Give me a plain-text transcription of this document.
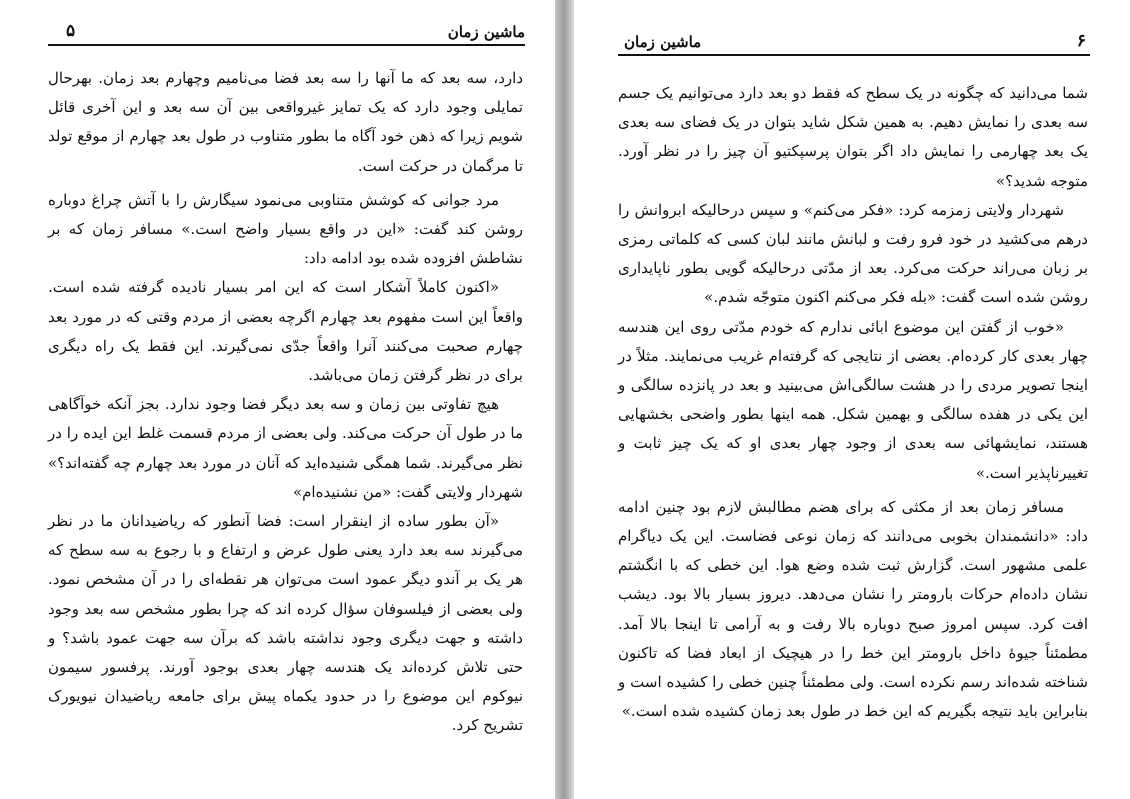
۵	ماشین زمان

دارد، سه بعد که ما آنها را سه بعد فضا می‌نامیم وچهارم بعد زمان. بهرحال تمایلی وجود دارد که یک تمایز غیرواقعی بین آن سه بعد و این آخری قائل شویم زیرا که ذهن خود آگاه ما بطور متناوب در طول بعد چهارم از موقع تولد تا مرگمان در حرکت است.

مرد جوانی که کوشش متناوبی می‌نمود سیگارش را با آتش چراغ دوباره روشن کند گفت: «این در واقع بسیار واضح است.» مسافر زمان که بر نشاطش افزوده شده بود ادامه داد:

«اکنون کاملاً آشکار است که این امر بسیار نادیده گرفته شده است. واقعاً این است مفهوم بعد چهارم اگرچه بعضی از مردم وقتی که در مورد بعد چهارم صحبت می‌کنند آنرا واقعاً جدّی نمی‌گیرند. این فقط یک راه دیگری برای در نظر گرفتن زمان می‌باشد.

هیچ تفاوتی بین زمان و سه بعد دیگر فضا وجود ندارد. بجز آنکه خوآگاهی ما در طول آن حرکت می‌کند. ولی بعضی از مردم قسمت غلط این ایده را در نظر می‌گیرند. شما همگی شنیده‌اید که آنان در مورد بعد چهارم چه گفته‌اند؟» شهردار ولایتی گفت: «من نشنیده‌ام»

«آن بطور ساده از اینقرار است: فضا آنطور که ریاضیدانان ما در نظر می‌گیرند سه بعد دارد یعنی طول عرض و ارتفاع و با رجوع به سه سطح که هر یک بر آندو دیگر عمود است می‌توان هر نقطه‌ای را در آن مشخص نمود. ولی بعضی از فیلسوفان سؤال کرده اند که چرا بطور مشخص سه بعد وجود داشته و جهت دیگری وجود نداشته باشد که برآن سه جهت عمود باشد؟ و حتی تلاش کرده‌اند یک هندسه چهار بعدی بوجود آورند. پرفسور سیمون نیوکوم این موضوع را در حدود یکماه پیش برای جامعه ریاضیدان نیویورک تشریح کرد.

ماشین زمان	۶

شما می‌دانید که چگونه در یک سطح که فقط دو بعد دارد می‌توانیم یک جسم سه بعدی را نمایش دهیم. به همین شکل شاید بتوان در یک فضای سه بعدی یک بعد چهارمی را نمایش داد اگر بتوان پرسپکتیو آن چیز را در نظر آورد. متوجه شدید؟»

شهردار ولایتی زمزمه کرد: «فکر می‌کنم» و سپس درحالیکه ابروانش را درهم می‌کشید در خود فرو رفت و لبانش مانند لبان کسی که کلماتی رمزی بر زبان می‌راند حرکت می‌کرد. بعد از مدّتی درحالیکه گویی بطور ناپایداری روشن شده است گفت: «بله فکر می‌کنم اکنون متوجّه شدم.»

«خوب از گفتن این موضوع ابائی ندارم که خودم مدّتی روی این هندسه چهار بعدی کار کرده‌ام. بعضی از نتایجی که گرفته‌ام غریب می‌نمایند. مثلاً در اینجا تصویر مردی را در هشت سالگی‌اش می‌بینید و بعد در پانزده سالگی و این یکی در هفده سالگی و بهمین شکل. همه اینها بطور واضحی بخشهایی هستند، نمایشهائی سه بعدی از وجود چهار بعدی او که یک چیز ثابت و تغییرناپذیر است.»

مسافر زمان بعد از مکثی که برای هضم مطالبش لازم بود چنین ادامه داد: «دانشمندان بخوبی می‌دانند که زمان نوعی فضاست. این یک دیاگرام علمی مشهور است. گزارش ثبت شده وضع هوا. این خطی که با انگشتم نشان داده‌ام حرکات بارومتر را نشان می‌دهد. دیروز بسیار بالا بود. دیشب افت کرد. سپس امروز صبح دوباره بالا رفت و به آرامی تا اینجا بالا آمد. مطمئناً جیوهٔ داخل بارومتر این خط را در هیچیک از ابعاد فضا که تاکنون شناخته شده‌اند رسم نکرده است. ولی مطمئناً چنین خطی را کشیده است و بنابراین باید نتیجه بگیریم که این خط در طول بعد زمان کشیده شده است.»
